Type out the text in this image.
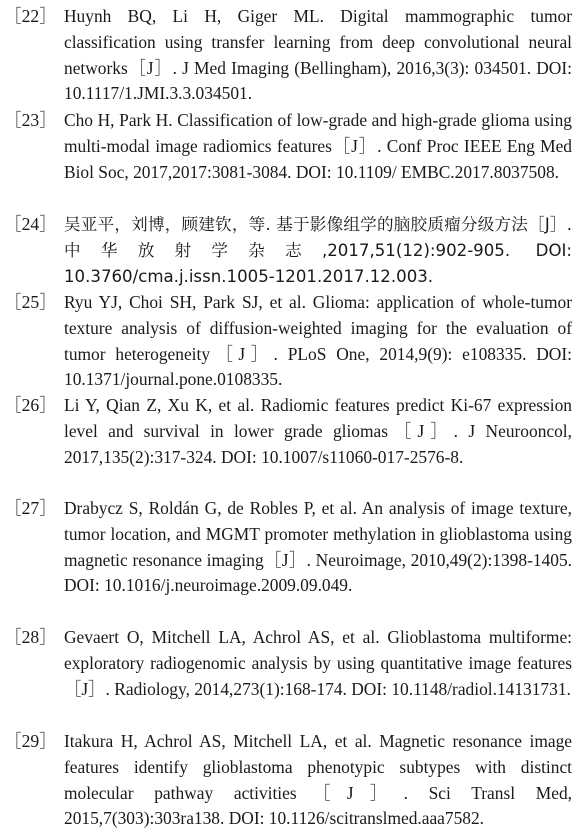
［22］ Huynh BQ, Li H, Giger ML. Digital mammographic tumor classification using transfer learning from deep convolutional neural networks［J］. J Med Imaging (Bellingham), 2016,3(3): 034501. DOI: 10.1117/1.JMI.3.3.034501.
［23］ Cho H, Park H. Classification of low-grade and high-grade glioma using multi-modal image radiomics features［J］. Conf Proc IEEE Eng Med Biol Soc, 2017,2017:3081-3084. DOI: 10.1109/ EMBC.2017.8037508.
［24］ 吴亚平，刘博，顾建钦，等. 基于影像组学的脑胶质瘤分级方法［J］. 中华放射学杂志,2017,51(12):902-905. DOI: 10.3760/cma.j.issn.1005-1201.2017.12.003.
［25］ Ryu YJ, Choi SH, Park SJ, et al. Glioma: application of whole-tumor texture analysis of diffusion-weighted imaging for the evaluation of tumor heterogeneity［J］. PLoS One, 2014,9(9): e108335. DOI: 10.1371/journal.pone.0108335.
［26］ Li Y, Qian Z, Xu K, et al. Radiomic features predict Ki-67 expression level and survival in lower grade gliomas［J］. J Neurooncol, 2017,135(2):317-324. DOI: 10.1007/s11060-017-2576-8.
［27］ Drabycz S, Roldán G, de Robles P, et al. An analysis of image texture, tumor location, and MGMT promoter methylation in glioblastoma using magnetic resonance imaging［J］. Neuroimage, 2010,49(2):1398-1405. DOI: 10.1016/j.neuroimage.2009.09.049.
［28］ Gevaert O, Mitchell LA, Achrol AS, et al. Glioblastoma multiforme: exploratory radiogenomic analysis by using quantitative image features［J］. Radiology, 2014,273(1):168-174. DOI: 10.1148/radiol.14131731.
［29］ Itakura H, Achrol AS, Mitchell LA, et al. Magnetic resonance image features identify glioblastoma phenotypic subtypes with distinct molecular pathway activities［J］. Sci Transl Med, 2015,7(303):303ra138. DOI: 10.1126/scitranslmed.aaa7582.
